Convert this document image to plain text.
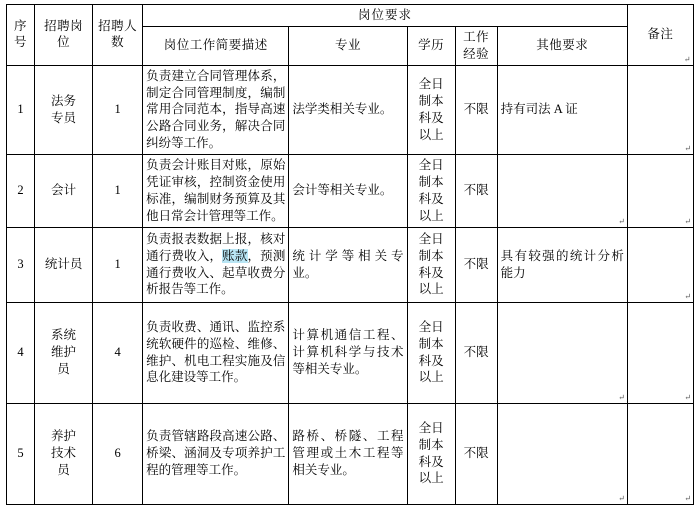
序号	招聘岗位	招聘人数	岗位要求					备注
↵

			岗位工作简要描述	专业	学历	工作经验	其他要求	
1	法务专员	1	负责建立合同管理体系，制定合同管理制度，编制常用合同范本，指导高速公路合同业务，解决合同纠纷等工作。	法学类相关专业。	全日制本科及以上	不限	持有司法 A 证	↵

2	会计	1	负责会计账目对账，原始凭证审核，控制资金使用标准，编制财务预算及其他日常会计管理等工作。	会计等相关专业。	全日制本科及以上	不限	↵	↵

3	统计员	1	负责报表数据上报，核对通行费收入，账款，预测通行费收入、起草收费分析报告等工作。	统计学等相关专业。	全日制本科及以上	不限	具有较强的统计分析能力	↵

4	系统维护员	4	负责收费、通讯、监控系统软硬件的巡检、维修、维护、机电工程实施及信息化建设等工作。	计算机通信工程、计算机科学与技术等相关专业。	全日制本科及以上	不限	↵	↵

5	养护技术员	6	负责管辖路段高速公路、桥梁、涵洞及专项养护工程的管理等工作。	路桥、桥隧、工程管理或土木工程等相关专业。	全日制本科及以上	不限	↵	↵
